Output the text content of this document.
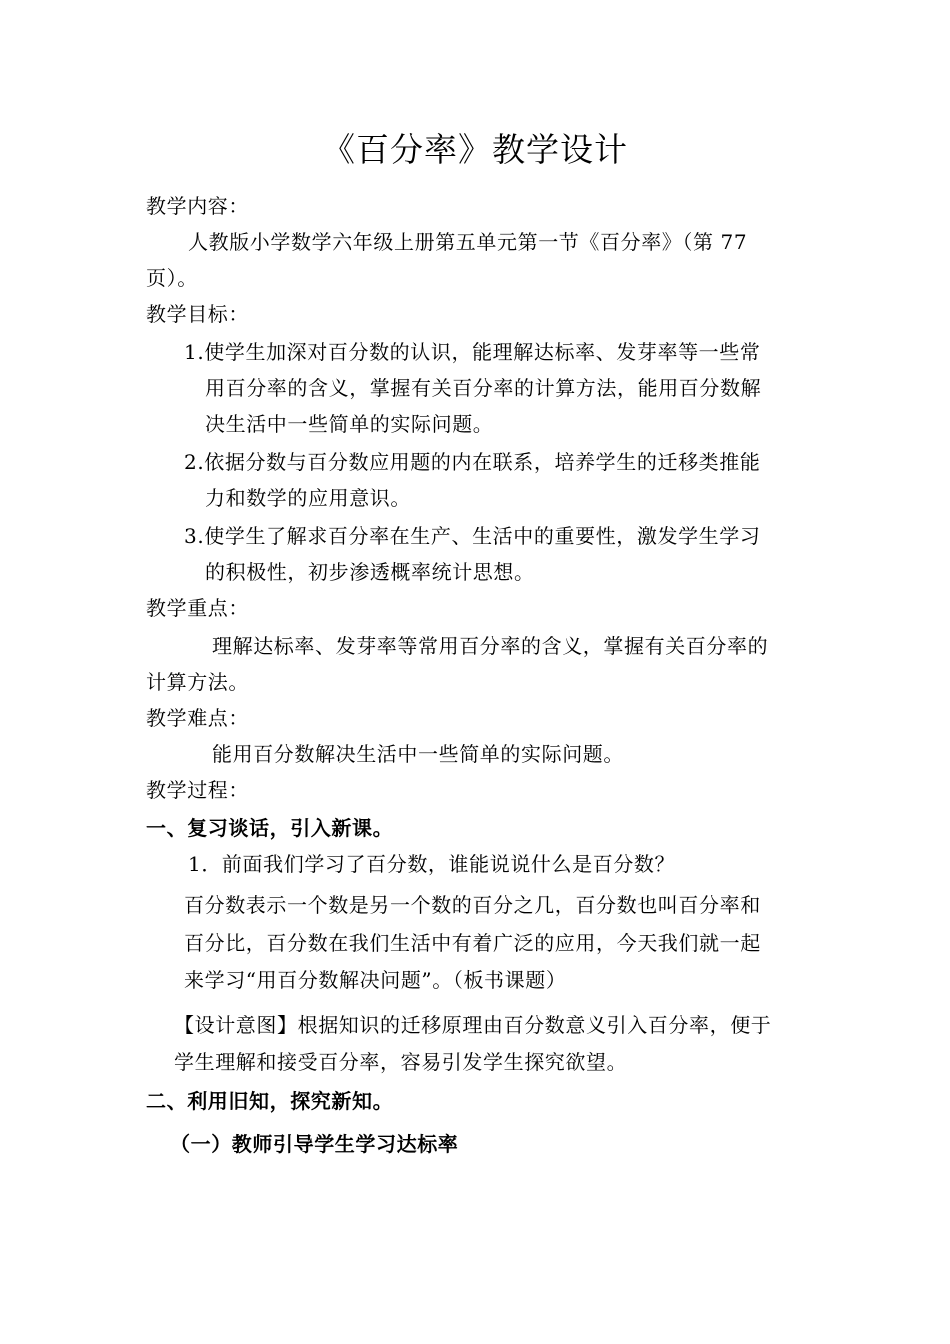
《百分率》教学设计
教学内容：
人教版小学数学六年级上册第五单元第一节《百分率》（第 77
页）。
教学目标：
1.使学生加深对百分数的认识，能理解达标率、发芽率等一些常
用百分率的含义，掌握有关百分率的计算方法，能用百分数解
决生活中一些简单的实际问题。
2.依据分数与百分数应用题的内在联系，培养学生的迁移类推能
力和数学的应用意识。
3.使学生了解求百分率在生产、生活中的重要性，激发学生学习
的积极性，初步渗透概率统计思想。
教学重点：
理解达标率、发芽率等常用百分率的含义，掌握有关百分率的
计算方法。
教学难点：
能用百分数解决生活中一些简单的实际问题。
教学过程：
一、复习谈话，引入新课。
1．前面我们学习了百分数，谁能说说什么是百分数？
百分数表示一个数是另一个数的百分之几，百分数也叫百分率和
百分比，百分数在我们生活中有着广泛的应用，今天我们就一起
来学习“用百分数解决问题”。（板书课题）
【设计意图】根据知识的迁移原理由百分数意义引入百分率，便于
学生理解和接受百分率，容易引发学生探究欲望。
二、利用旧知，探究新知。
（一）教师引导学生学习达标率
